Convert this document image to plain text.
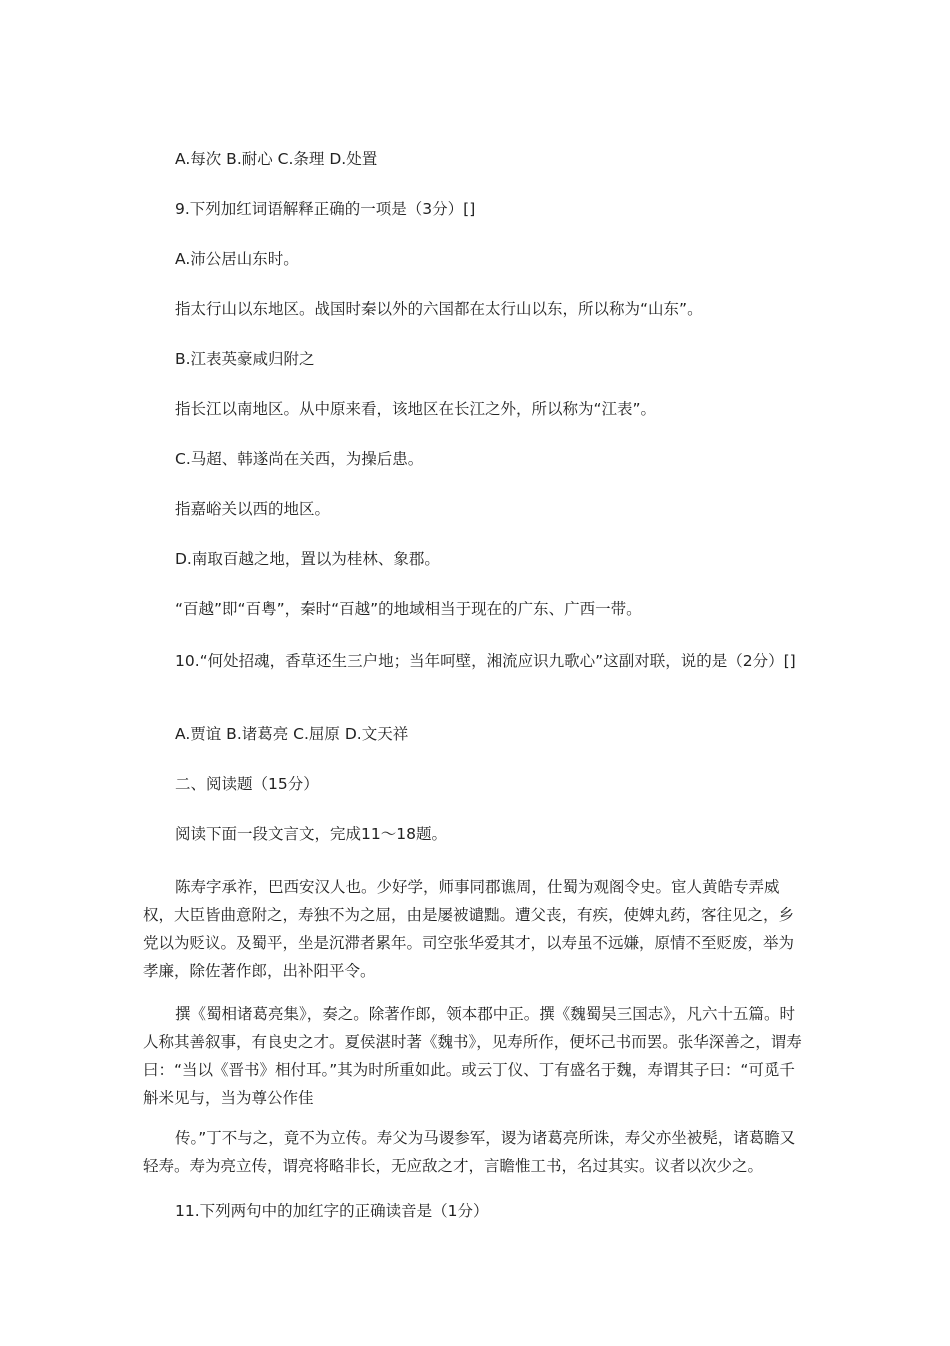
A.每次 B.耐心 C.条理 D.处置
9.下列加红词语解释正确的一项是（3分）[]
A.沛公居山东时。
指太行山以东地区。战国时秦以外的六国都在太行山以东，所以称为“山东”。
B.江表英豪咸归附之
指长江以南地区。从中原来看，该地区在长江之外，所以称为“江表”。
C.马超、韩遂尚在关西，为操后患。
指嘉峪关以西的地区。
D.南取百越之地，置以为桂林、象郡。
“百越”即“百粤”，秦时“百越”的地域相当于现在的广东、广西一带。
10.“何处招魂，香草还生三户地；当年呵壁，湘流应识九歌心”这副对联，说的是（2分）[]
A.贾谊 B.诸葛亮 C.屈原 D.文天祥
二、阅读题（15分）
阅读下面一段文言文，完成11～18题。
陈寿字承祚，巴西安汉人也。少好学，师事同郡谯周，仕蜀为观阁令史。宦人黄皓专弄威权，大臣皆曲意附之，寿独不为之屈，由是屡被谴黜。遭父丧，有疾，使婢丸药，客往见之，乡党以为贬议。及蜀平，坐是沉滞者累年。司空张华爱其才，以寿虽不远嫌，原情不至贬废，举为孝廉，除佐著作郎，出补阳平令。
撰《蜀相诸葛亮集》，奏之。除著作郎，领本郡中正。撰《魏蜀吴三国志》，凡六十五篇。时人称其善叙事，有良史之才。夏侯湛时著《魏书》，见寿所作，便坏己书而罢。张华深善之，谓寿曰：“当以《晋书》相付耳。”其为时所重如此。或云丁仪、丁有盛名于魏，寿谓其子曰：“可觅千斛米见与，当为尊公作佳
传。”丁不与之，竟不为立传。寿父为马谡参军，谡为诸葛亮所诛，寿父亦坐被髡，诸葛瞻又轻寿。寿为亮立传，谓亮将略非长，无应敌之才，言瞻惟工书，名过其实。议者以次少之。
11.下列两句中的加红字的正确读音是（1分）
